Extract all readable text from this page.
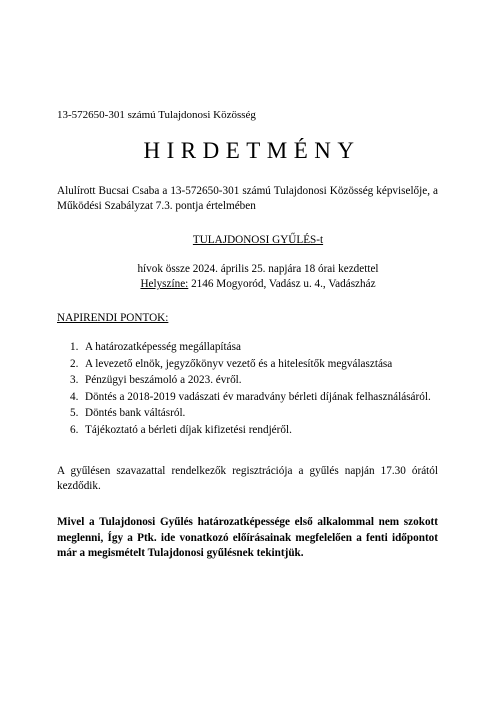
13-572650-301 számú Tulajdonosi Közösség
HIRDETMÉNY
Alulírott Bucsai Csaba a 13-572650-301 számú Tulajdonosi Közösség képviselője, a Működési Szabályzat 7.3. pontja értelmében
TULAJDONOSI GYŰLÉS-t
hívok össze 2024. április 25. napjára 18 órai kezdettel
Helyszíne: 2146 Mogyoród, Vadász u. 4., Vadászház
NAPIRENDI PONTOK:
1. A határozatképesség megállapítása
2. A levezető elnök, jegyzőkönyv vezető és a hitelesítők megválasztása
3. Pénzügyi beszámoló a 2023. évről.
4. Döntés a 2018-2019 vadászati év maradvány bérleti díjának felhasználásáról.
5. Döntés bank váltásról.
6. Tájékoztató a bérleti díjak kifizetési rendjéről.
A gyűlésen szavazattal rendelkezők regisztrációja a gyűlés napján 17.30 órától kezdődik.
Mivel a Tulajdonosi Gyűlés határozatképessége első alkalommal nem szokott meglenni, Így a Ptk. ide vonatkozó előírásainak megfelelően a fenti időpontot már a megismételt Tulajdonosi gyűlésnek tekintjük.
